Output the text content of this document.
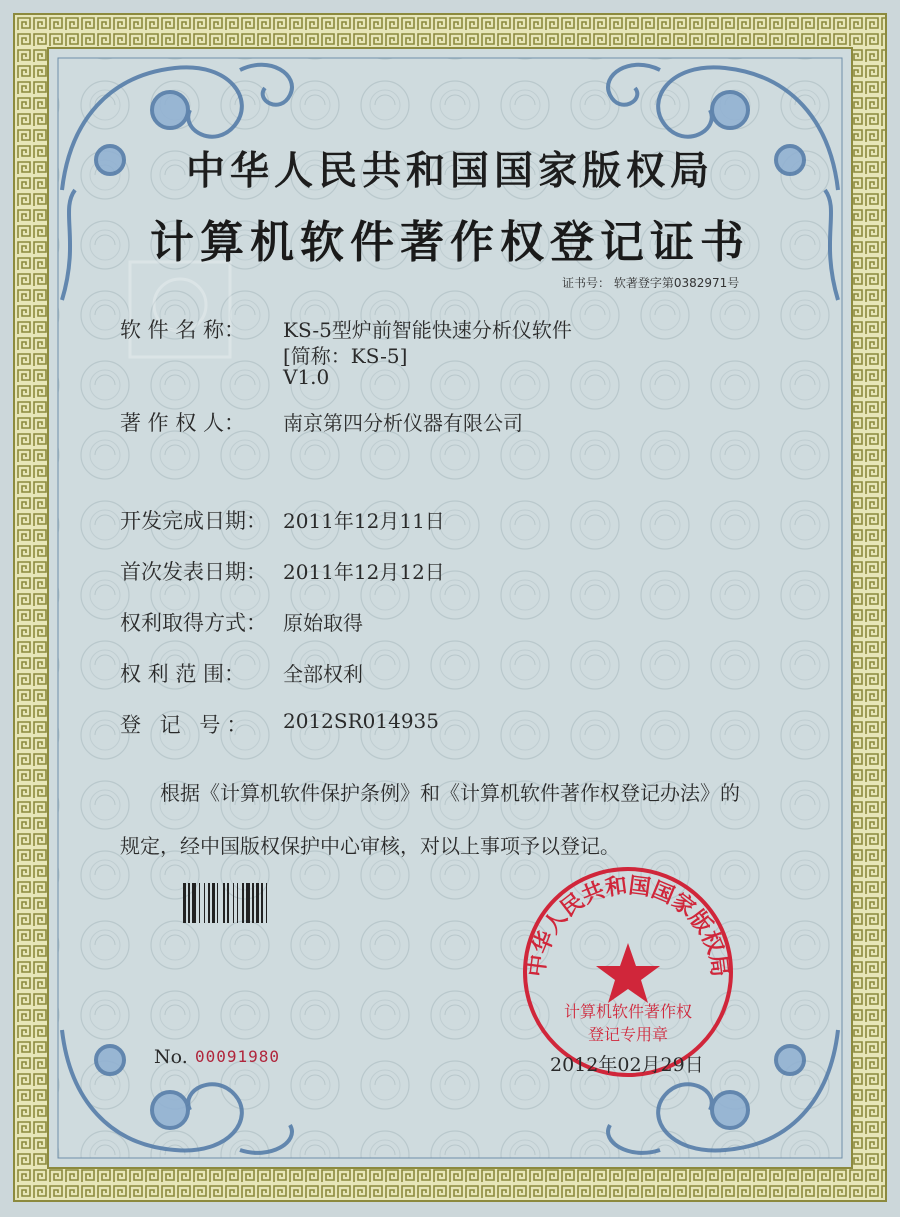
中华人民共和国国家版权局
计算机软件著作权
登记专用章
中华人民共和国国家版权局
计算机软件著作权登记证书
证书号： 软著登字第0382971号
软 件 名 称： KS-5型炉前智能快速分析仪软件
[简称：KS-5]
V1.0
著 作 权 人： 南京第四分析仪器有限公司
开发完成日期： 2011年12月11日
首次发表日期： 2011年12月12日
权利取得方式： 原始取得
权 利 范 围： 全部权利
登 记 号： 2012SR014935
根据《计算机软件保护条例》和《计算机软件著作权登记办法》的
规定，经中国版权保护中心审核，对以上事项予以登记。
No. 00091980	2012年02月29日
